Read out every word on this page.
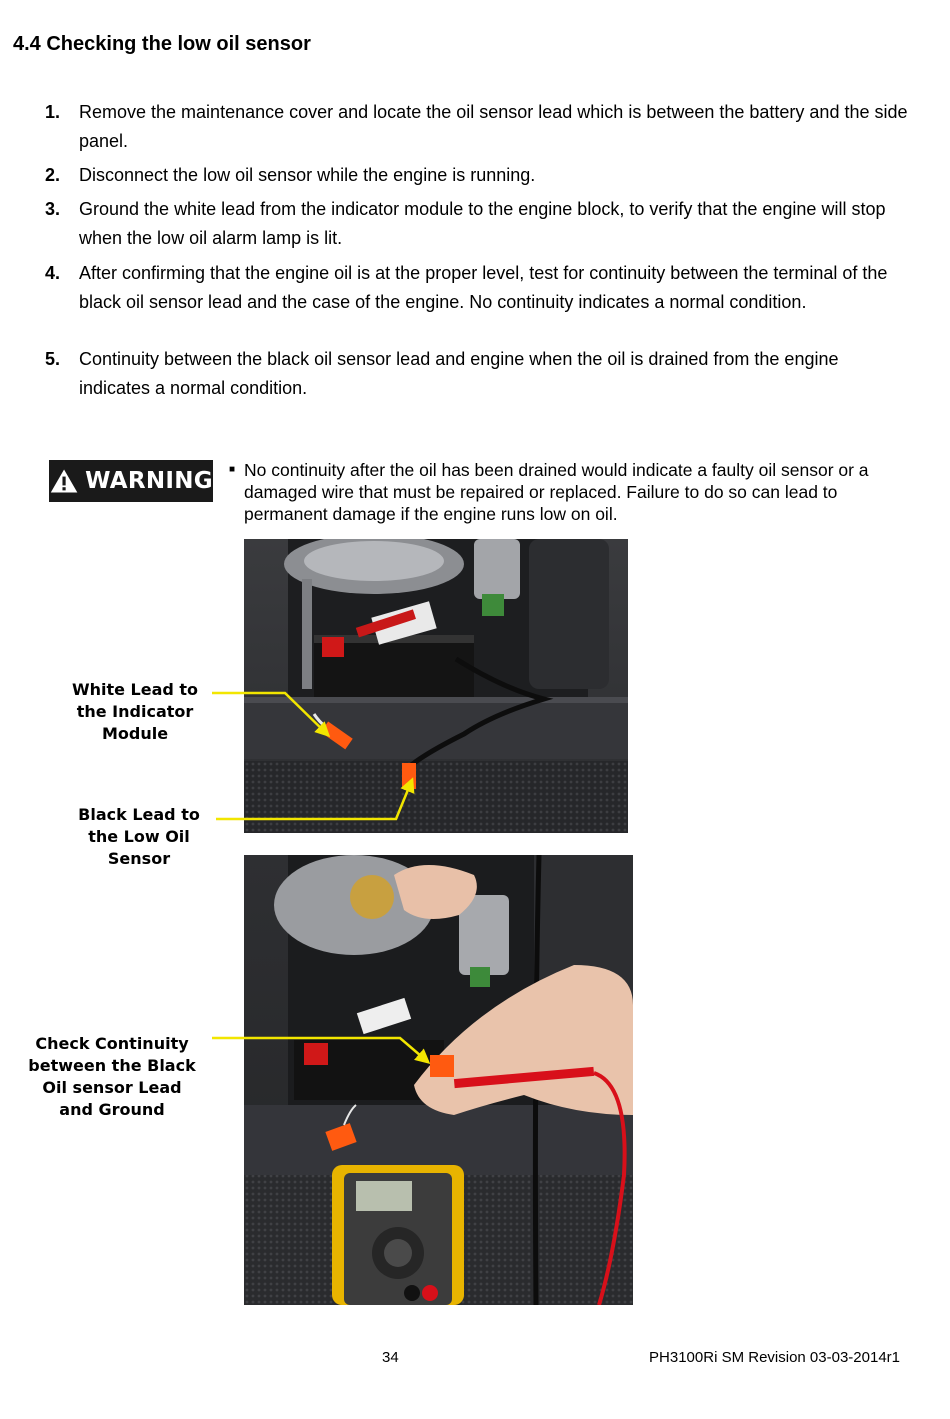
4.4 Checking the low oil sensor
1.	Remove the maintenance cover and locate the oil sensor lead which is between the battery and the side panel.
2.	Disconnect the low oil sensor while the engine is running.
3.	Ground the white lead from the indicator module to the engine block, to verify that the engine will stop when the low oil alarm lamp is lit.
4.	After confirming that the engine oil is at the proper level, test for continuity between the terminal of the black oil sensor lead and the case of the engine. No continuity indicates a normal condition.
5.	Continuity between the black oil sensor lead and engine when the oil is drained from the engine indicates a normal condition.
WARNING ■ No continuity after the oil has been drained would indicate a faulty oil sensor or a damaged wire that must be repaired or replaced. Failure to do so can lead to permanent damage if the engine runs low on oil.
White Lead to the Indicator Module
Black Lead to the Low Oil Sensor
Check Continuity between the Black Oil sensor Lead and Ground
34	PH3100Ri SM Revision 03-03-2014r1
